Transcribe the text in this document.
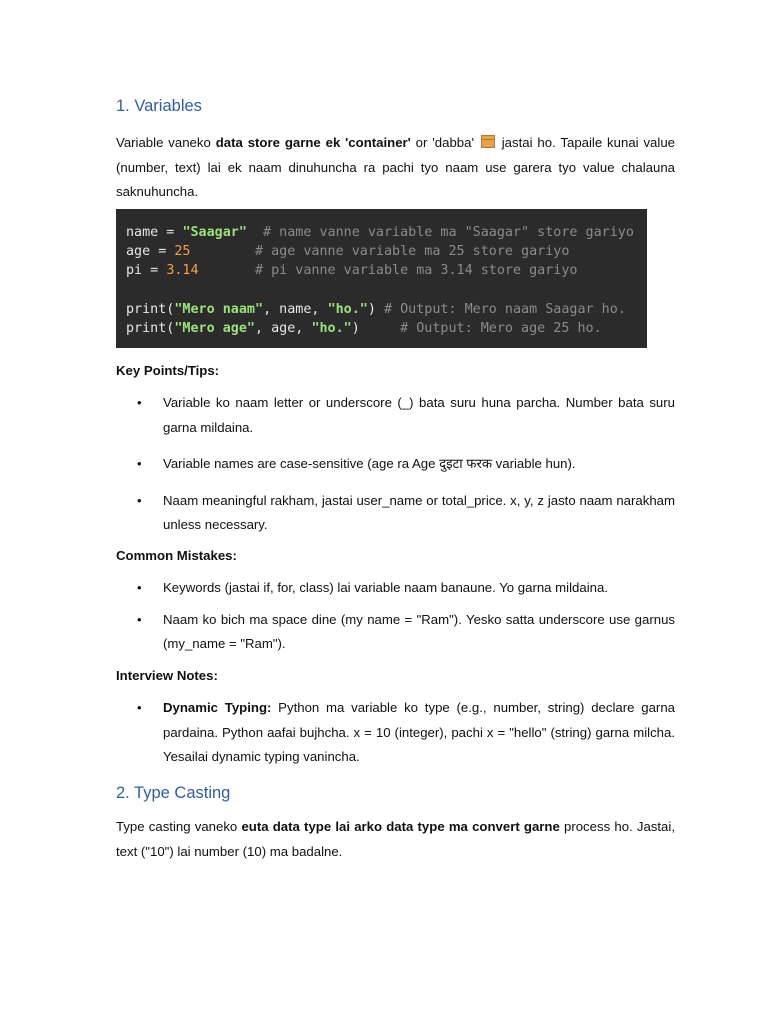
1. Variables

Variable vaneko data store garne ek 'container' or 'dabba'  jastai ho. Tapaile kunai value (number, text) lai ek naam dinuhuncha ra pachi tyo naam use garera tyo value chalauna saknuhuncha.

name = "Saagar"  # name vanne variable ma "Saagar" store gariyo
age = 25        # age vanne variable ma 25 store gariyo
pi = 3.14       # pi vanne variable ma 3.14 store gariyo
print("Mero naam", name, "ho.") # Output: Mero naam Saagar ho.
print("Mero age", age, "ho.")     # Output: Mero age 25 ho.
Key Points/Tips:
• Variable ko naam letter or underscore (_) bata suru huna parcha. Number bata suru garna mildaina.
• Variable names are case-sensitive (age ra Age दुइटा फरक variable hun).
• Naam meaningful rakham, jastai user_name or total_price. x, y, z jasto naam narakham unless necessary.
Common Mistakes:
• Keywords (jastai if, for, class) lai variable naam banaune. Yo garna mildaina.
• Naam ko bich ma space dine (my name = "Ram"). Yesko satta underscore use garnus (my_name = "Ram").
Interview Notes:
• Dynamic Typing: Python ma variable ko type (e.g., number, string) declare garna pardaina. Python aafai bujhcha. x = 10 (integer), pachi x = "hello" (string) garna milcha. Yesailai dynamic typing vanincha.
2. Type Casting

Type casting vaneko euta data type lai arko data type ma convert garne process ho. Jastai, text ("10") lai number (10) ma badalne.
